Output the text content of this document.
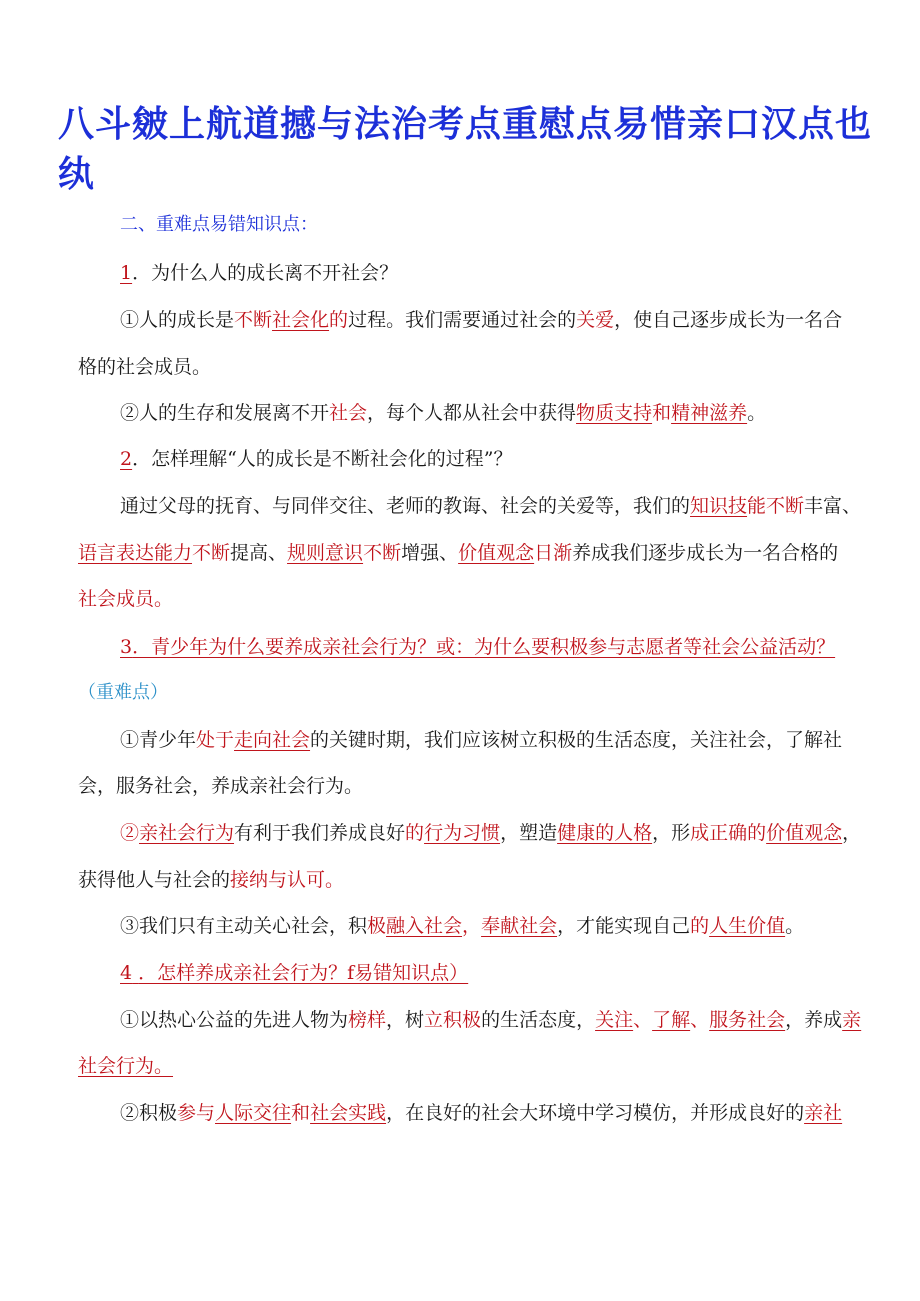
八斗皴上航道撼与法治考点重慰点易惜亲口汉点也纨
二、重难点易错知识点：
1．为什么人的成长离不开社会？
①人的成长是不断社会化的过程。我们需要通过社会的关爱，使自己逐步成长为一名合
格的社会成员。
②人的生存和发展离不开社会，每个人都从社会中获得物质支持和精神滋养。
2．怎样理解“人的成长是不断社会化的过程”？
通过父母的抚育、与同伴交往、老师的教诲、社会的关爱等，我们的知识技能不断丰富、
语言表达能力不断提高、规则意识不断增强、价值观念日渐养成我们逐步成长为一名合格的
社会成员。
3．青少年为什么要养成亲社会行为？或：为什么要积极参与志愿者等社会公益活动？
（重难点）
①青少年处于走向社会的关键时期，我们应该树立积极的生活态度，关注社会，了解社
会，服务社会，养成亲社会行为。
②亲社会行为有利于我们养成良好的行为习惯，塑造健康的人格，形成正确的价值观念，
获得他人与社会的接纳与认可。
③我们只有主动关心社会，积极融入社会，奉献社会，才能实现自己的人生价值。
4 ．怎样养成亲社会行为？f易错知识点）
①以热心公益的先进人物为榜样，树立积极的生活态度，关注、了解、服务社会，养成亲
社会行为。
②积极参与人际交往和社会实践，在良好的社会大环境中学习模仿，并形成良好的亲社
